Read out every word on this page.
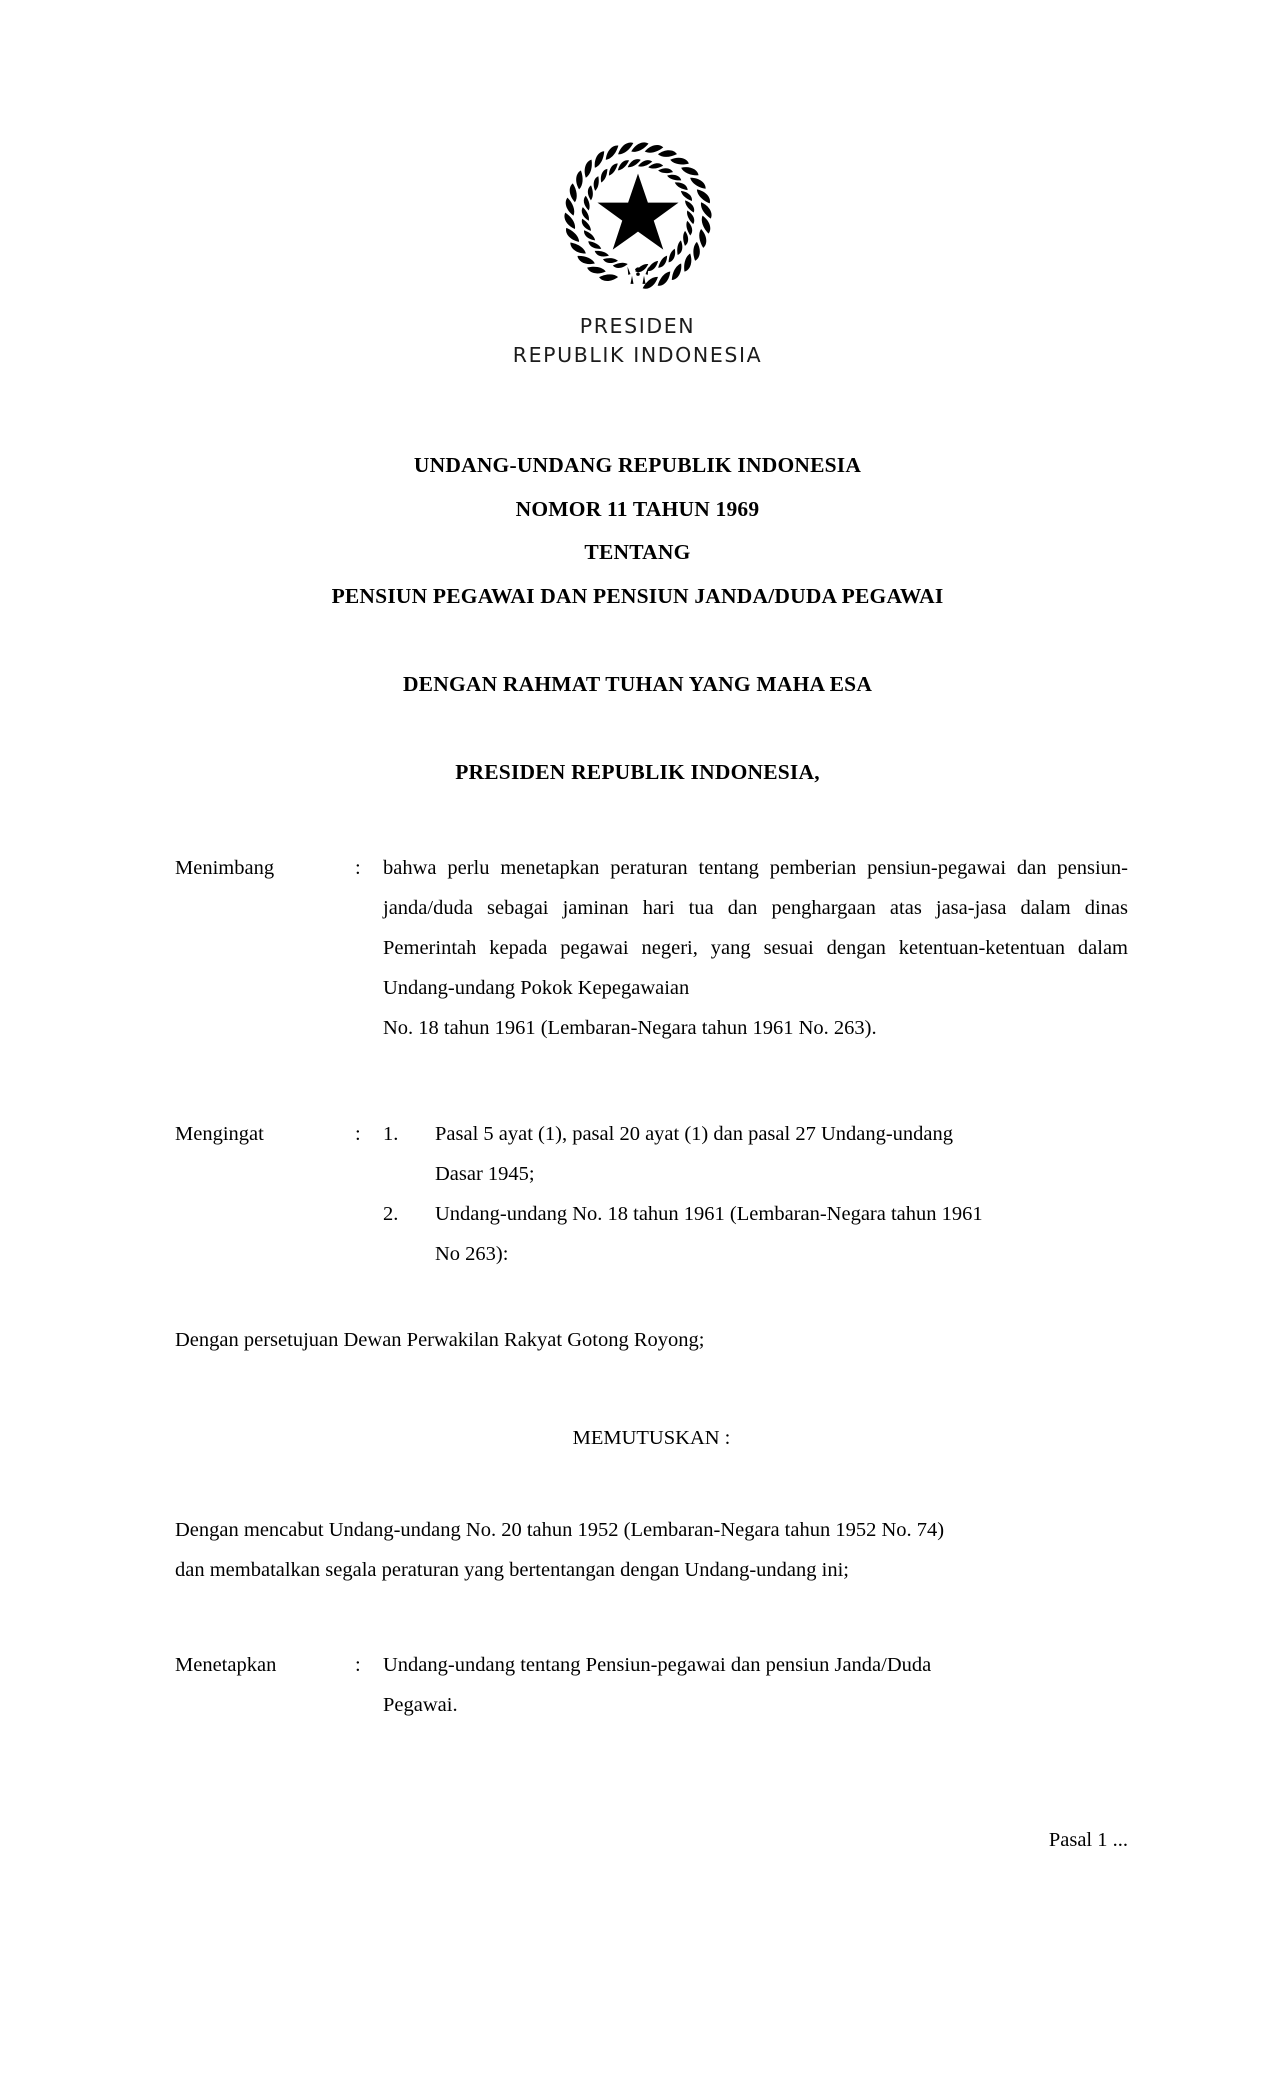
PRESIDEN
REPUBLIK INDONESIA
UNDANG-UNDANG REPUBLIK INDONESIA
NOMOR 11 TAHUN 1969
TENTANG
PENSIUN PEGAWAI DAN PENSIUN JANDA/DUDA PEGAWAI
DENGAN RAHMAT TUHAN YANG MAHA ESA
PRESIDEN REPUBLIK INDONESIA,
Menimbang	:	bahwa perlu menetapkan peraturan tentang pemberian pensiun-pegawai dan pensiun-janda/duda sebagai jaminan hari tua dan penghargaan atas jasa-jasa dalam dinas Pemerintah kepada pegawai negeri, yang sesuai dengan ketentuan-ketentuan dalam Undang-undang Pokok Kepegawaian
No. 18 tahun 1961 (Lembaran-Negara tahun 1961 No. 263).
Mengingat	:	1.	Pasal 5 ayat (1), pasal 20 ayat (1) dan pasal 27 Undang-undang
Dasar 1945;
2.	Undang-undang No. 18 tahun 1961 (Lembaran-Negara tahun 1961
No 263):
Dengan persetujuan Dewan Perwakilan Rakyat Gotong Royong;
MEMUTUSKAN :
Dengan mencabut Undang-undang No. 20 tahun 1952 (Lembaran-Negara tahun 1952 No. 74)
dan membatalkan segala peraturan yang bertentangan dengan Undang-undang ini;
Menetapkan	:	Undang-undang tentang Pensiun-pegawai dan pensiun Janda/Duda
Pegawai.
Pasal 1 ...
